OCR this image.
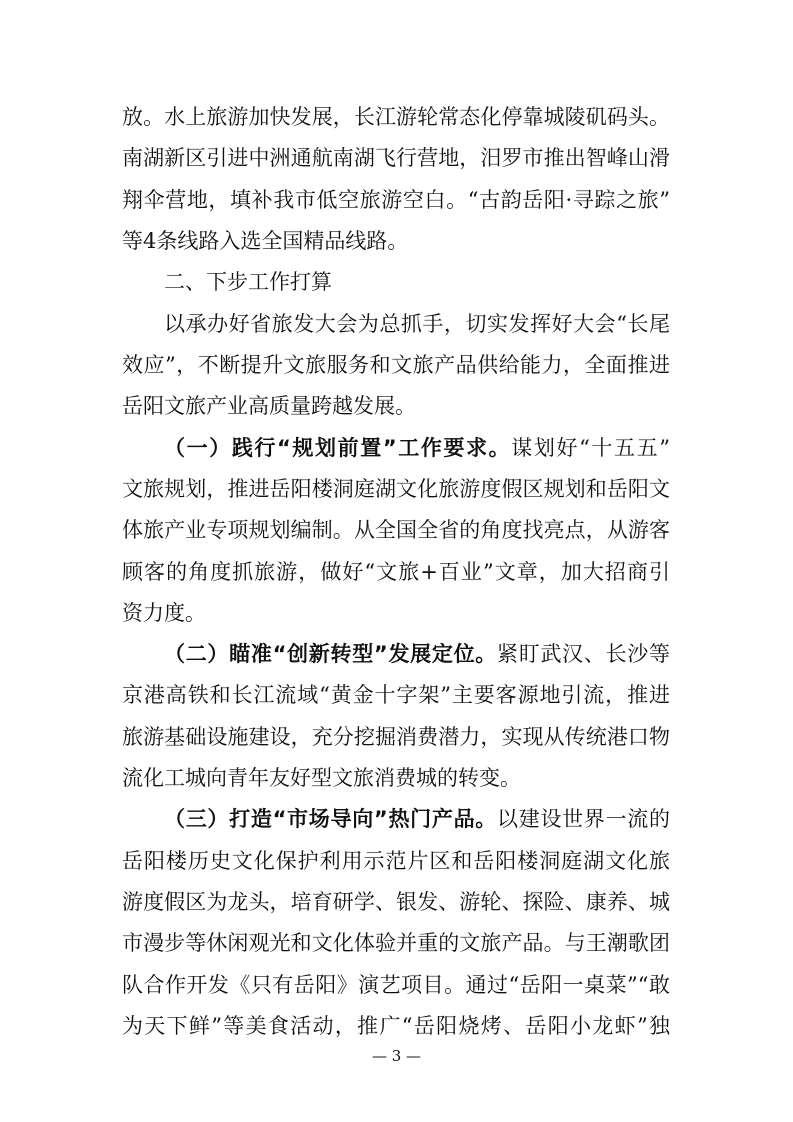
放。水上旅游加快发展，长江游轮常态化停靠城陵矶码头。
南湖新区引进中洲通航南湖飞行营地，汨罗市推出智峰山滑
翔伞营地，填补我市低空旅游空白。“古韵岳阳·寻踪之旅”
等4条线路入选全国精品线路。
二、下步工作打算
以承办好省旅发大会为总抓手，切实发挥好大会“长尾
效应”，不断提升文旅服务和文旅产品供给能力，全面推进
岳阳文旅产业高质量跨越发展。
（一）践行“规划前置”工作要求。谋划好“十五五”
文旅规划，推进岳阳楼洞庭湖文化旅游度假区规划和岳阳文
体旅产业专项规划编制。从全国全省的角度找亮点，从游客
顾客的角度抓旅游，做好“文旅+百业”文章，加大招商引
资力度。
（二）瞄准“创新转型”发展定位。紧盯武汉、长沙等
京港高铁和长江流域“黄金十字架”主要客源地引流，推进
旅游基础设施建设，充分挖掘消费潜力，实现从传统港口物
流化工城向青年友好型文旅消费城的转变。
（三）打造“市场导向”热门产品。以建设世界一流的
岳阳楼历史文化保护利用示范片区和岳阳楼洞庭湖文化旅
游度假区为龙头，培育研学、银发、游轮、探险、康养、城
市漫步等休闲观光和文化体验并重的文旅产品。与王潮歌团
队合作开发《只有岳阳》演艺项目。通过“岳阳一桌菜”“敢
为天下鲜”等美食活动，推广“岳阳烧烤、岳阳小龙虾”独
— 3 —
